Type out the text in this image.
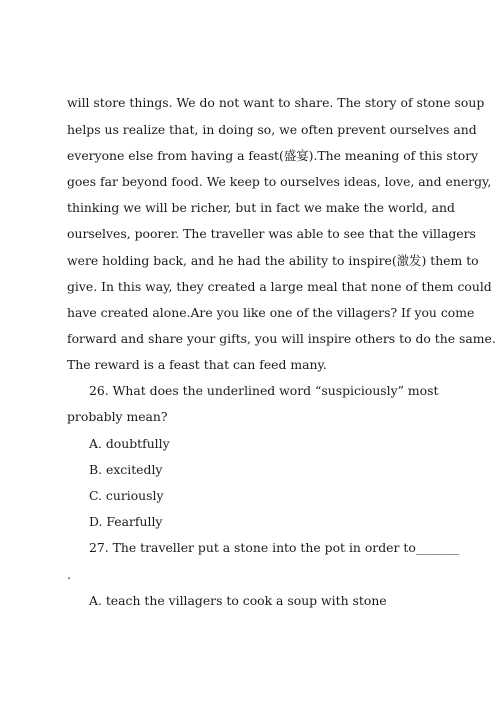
will store things. We do not want to share. The story of stone soup
helps us realize that, in doing so, we often prevent ourselves and
everyone else from having a feast(盛宴).The meaning of this story
goes far beyond food. We keep to ourselves ideas, love, and energy,
thinking we will be richer, but in fact we make the world, and
ourselves, poorer. The traveller was able to see that the villagers
were holding back, and he had the ability to inspire(激发) them to
give. In this way, they created a large meal that none of them could
have created alone.Are you like one of the villagers? If you come
forward and share your gifts, you will inspire others to do the same.
The reward is a feast that can feed many.
26. What does the underlined word “suspiciously” most
probably mean?
A. doubtfully
B. excitedly
C. curiously
D. Fearfully
27. The traveller put a stone into the pot in order to_______
.
A. teach the villagers to cook a soup with stone
